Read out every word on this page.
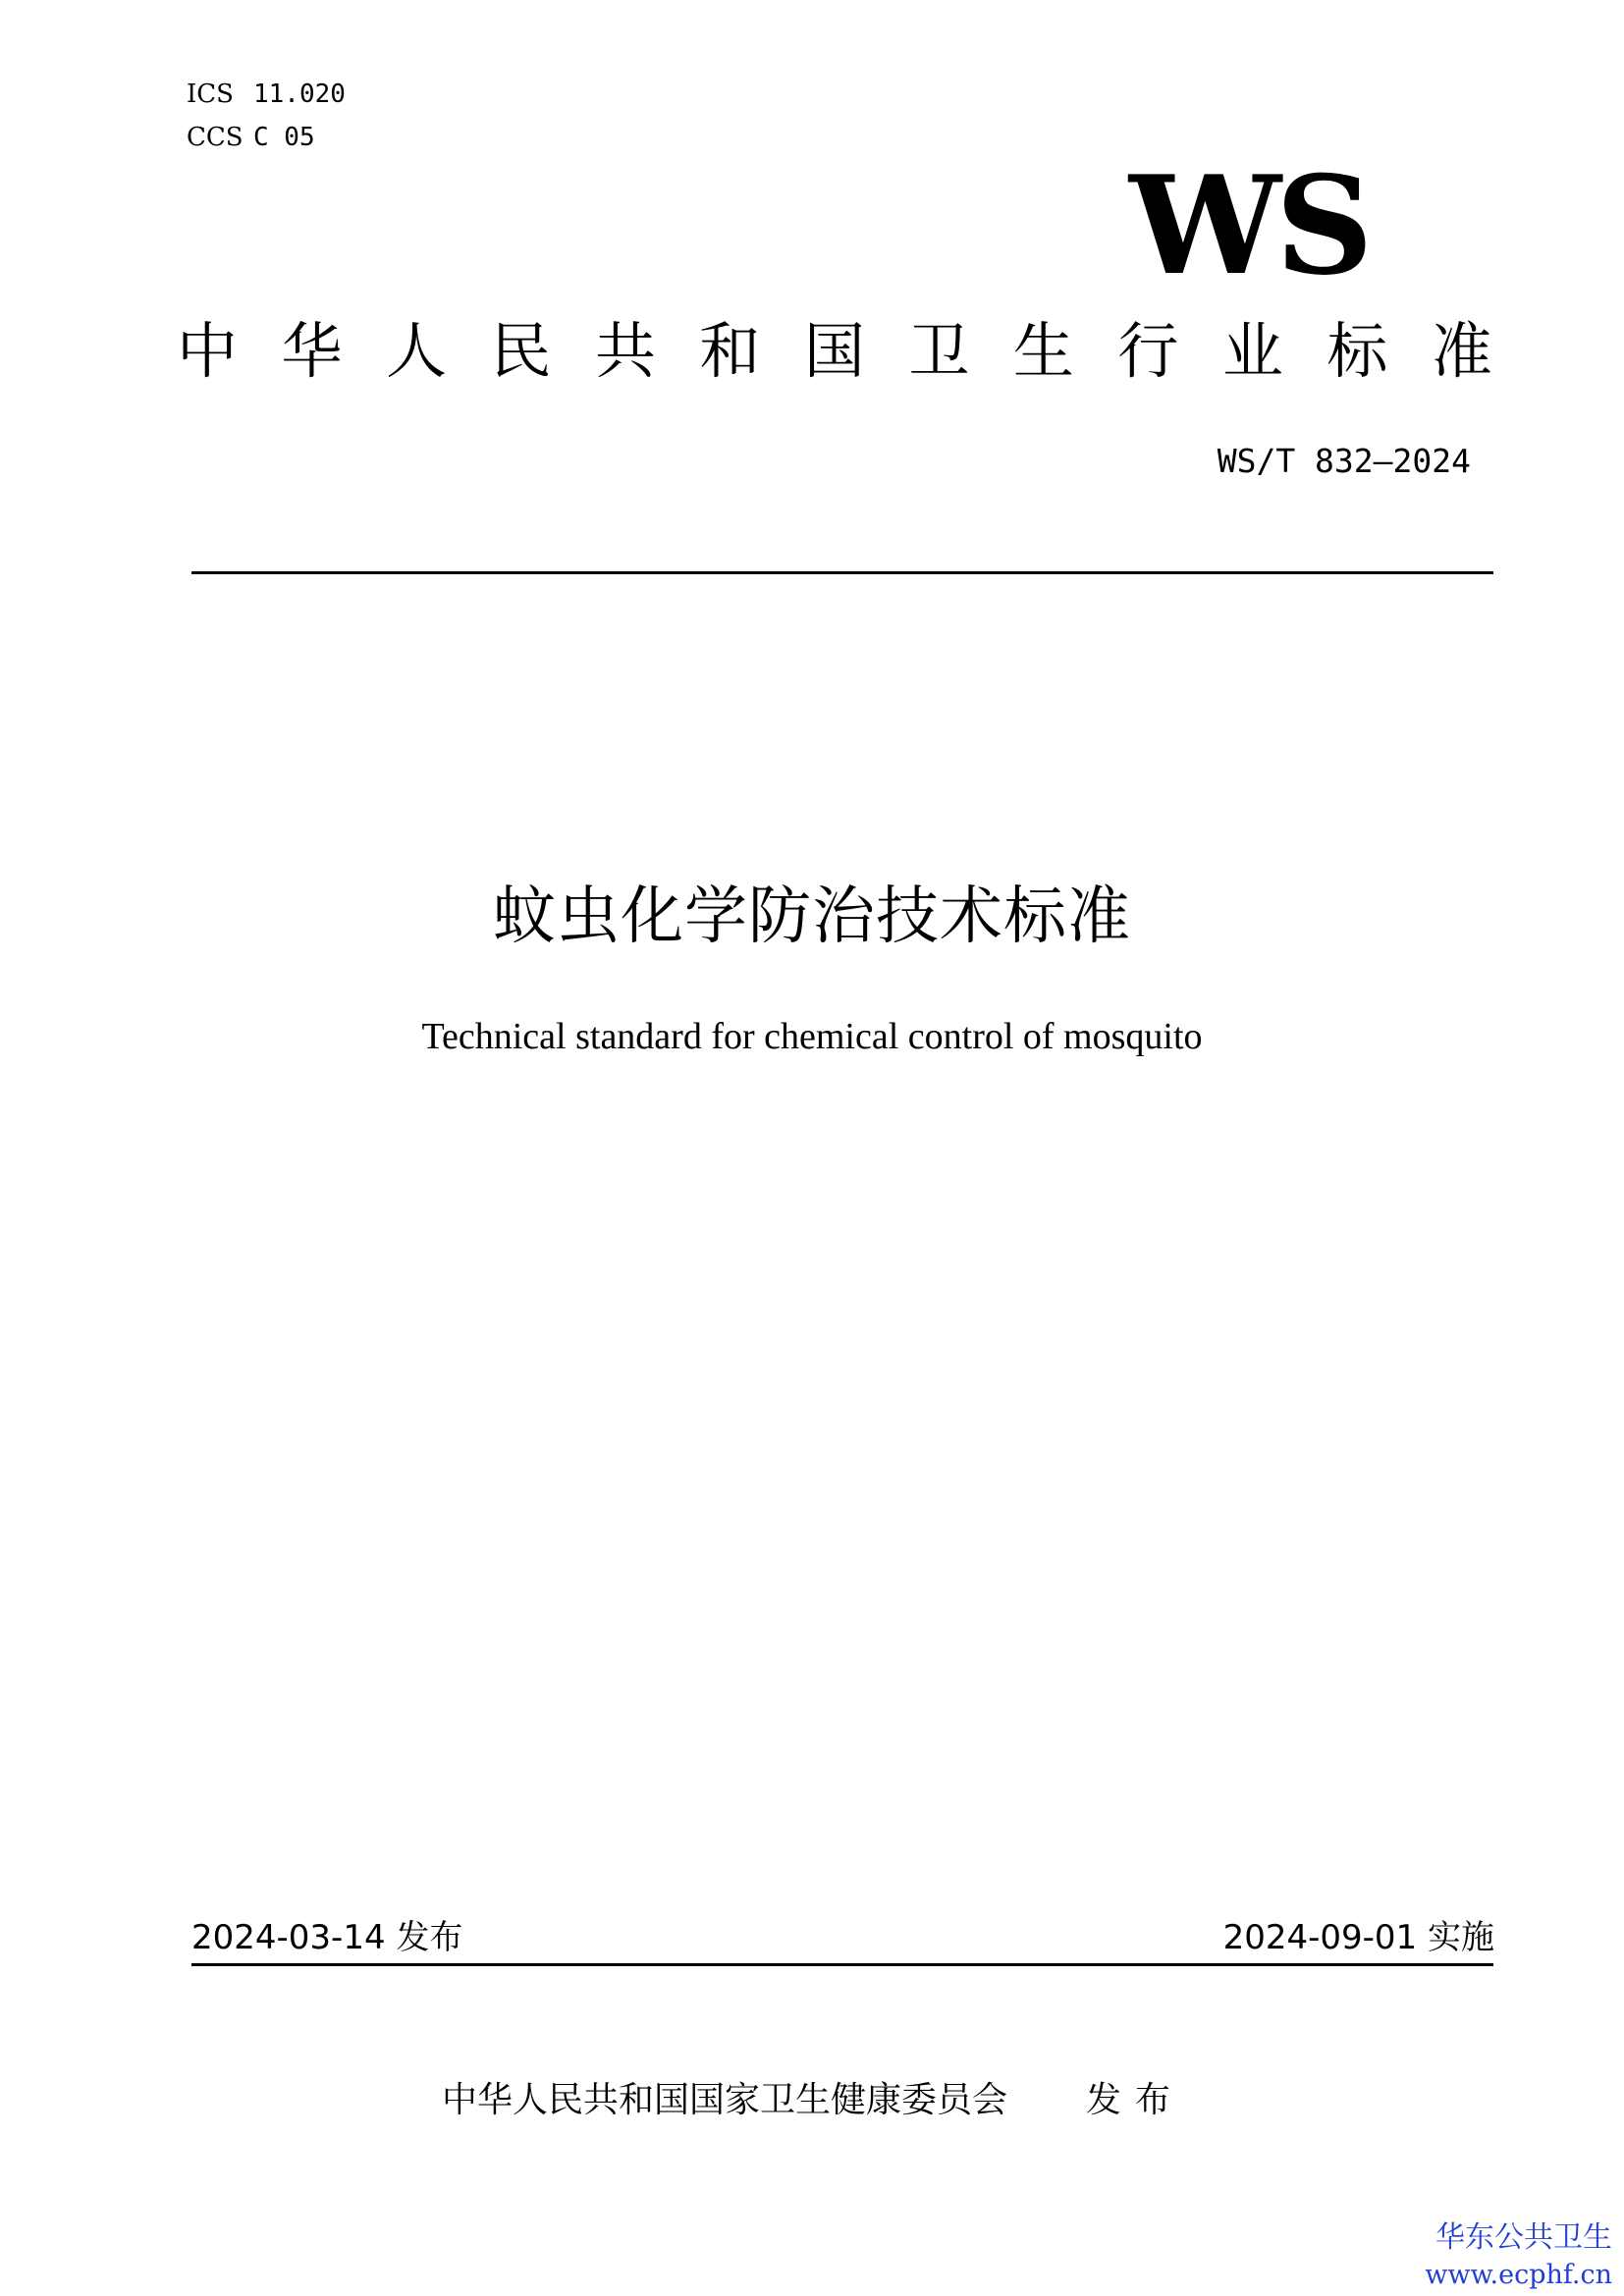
ICS 11.020
CCS C 05
WS
中 华 人 民 共 和 国 卫 生 行 业 标 准
WS/T 832—2024
蚊虫化学防治技术标准
Technical standard for chemical control of mosquito
2024-03-14 发布	2024-09-01 实施
中华人民共和国国家卫生健康委员会 发布
华东公共卫生
www.ecphf.cn
